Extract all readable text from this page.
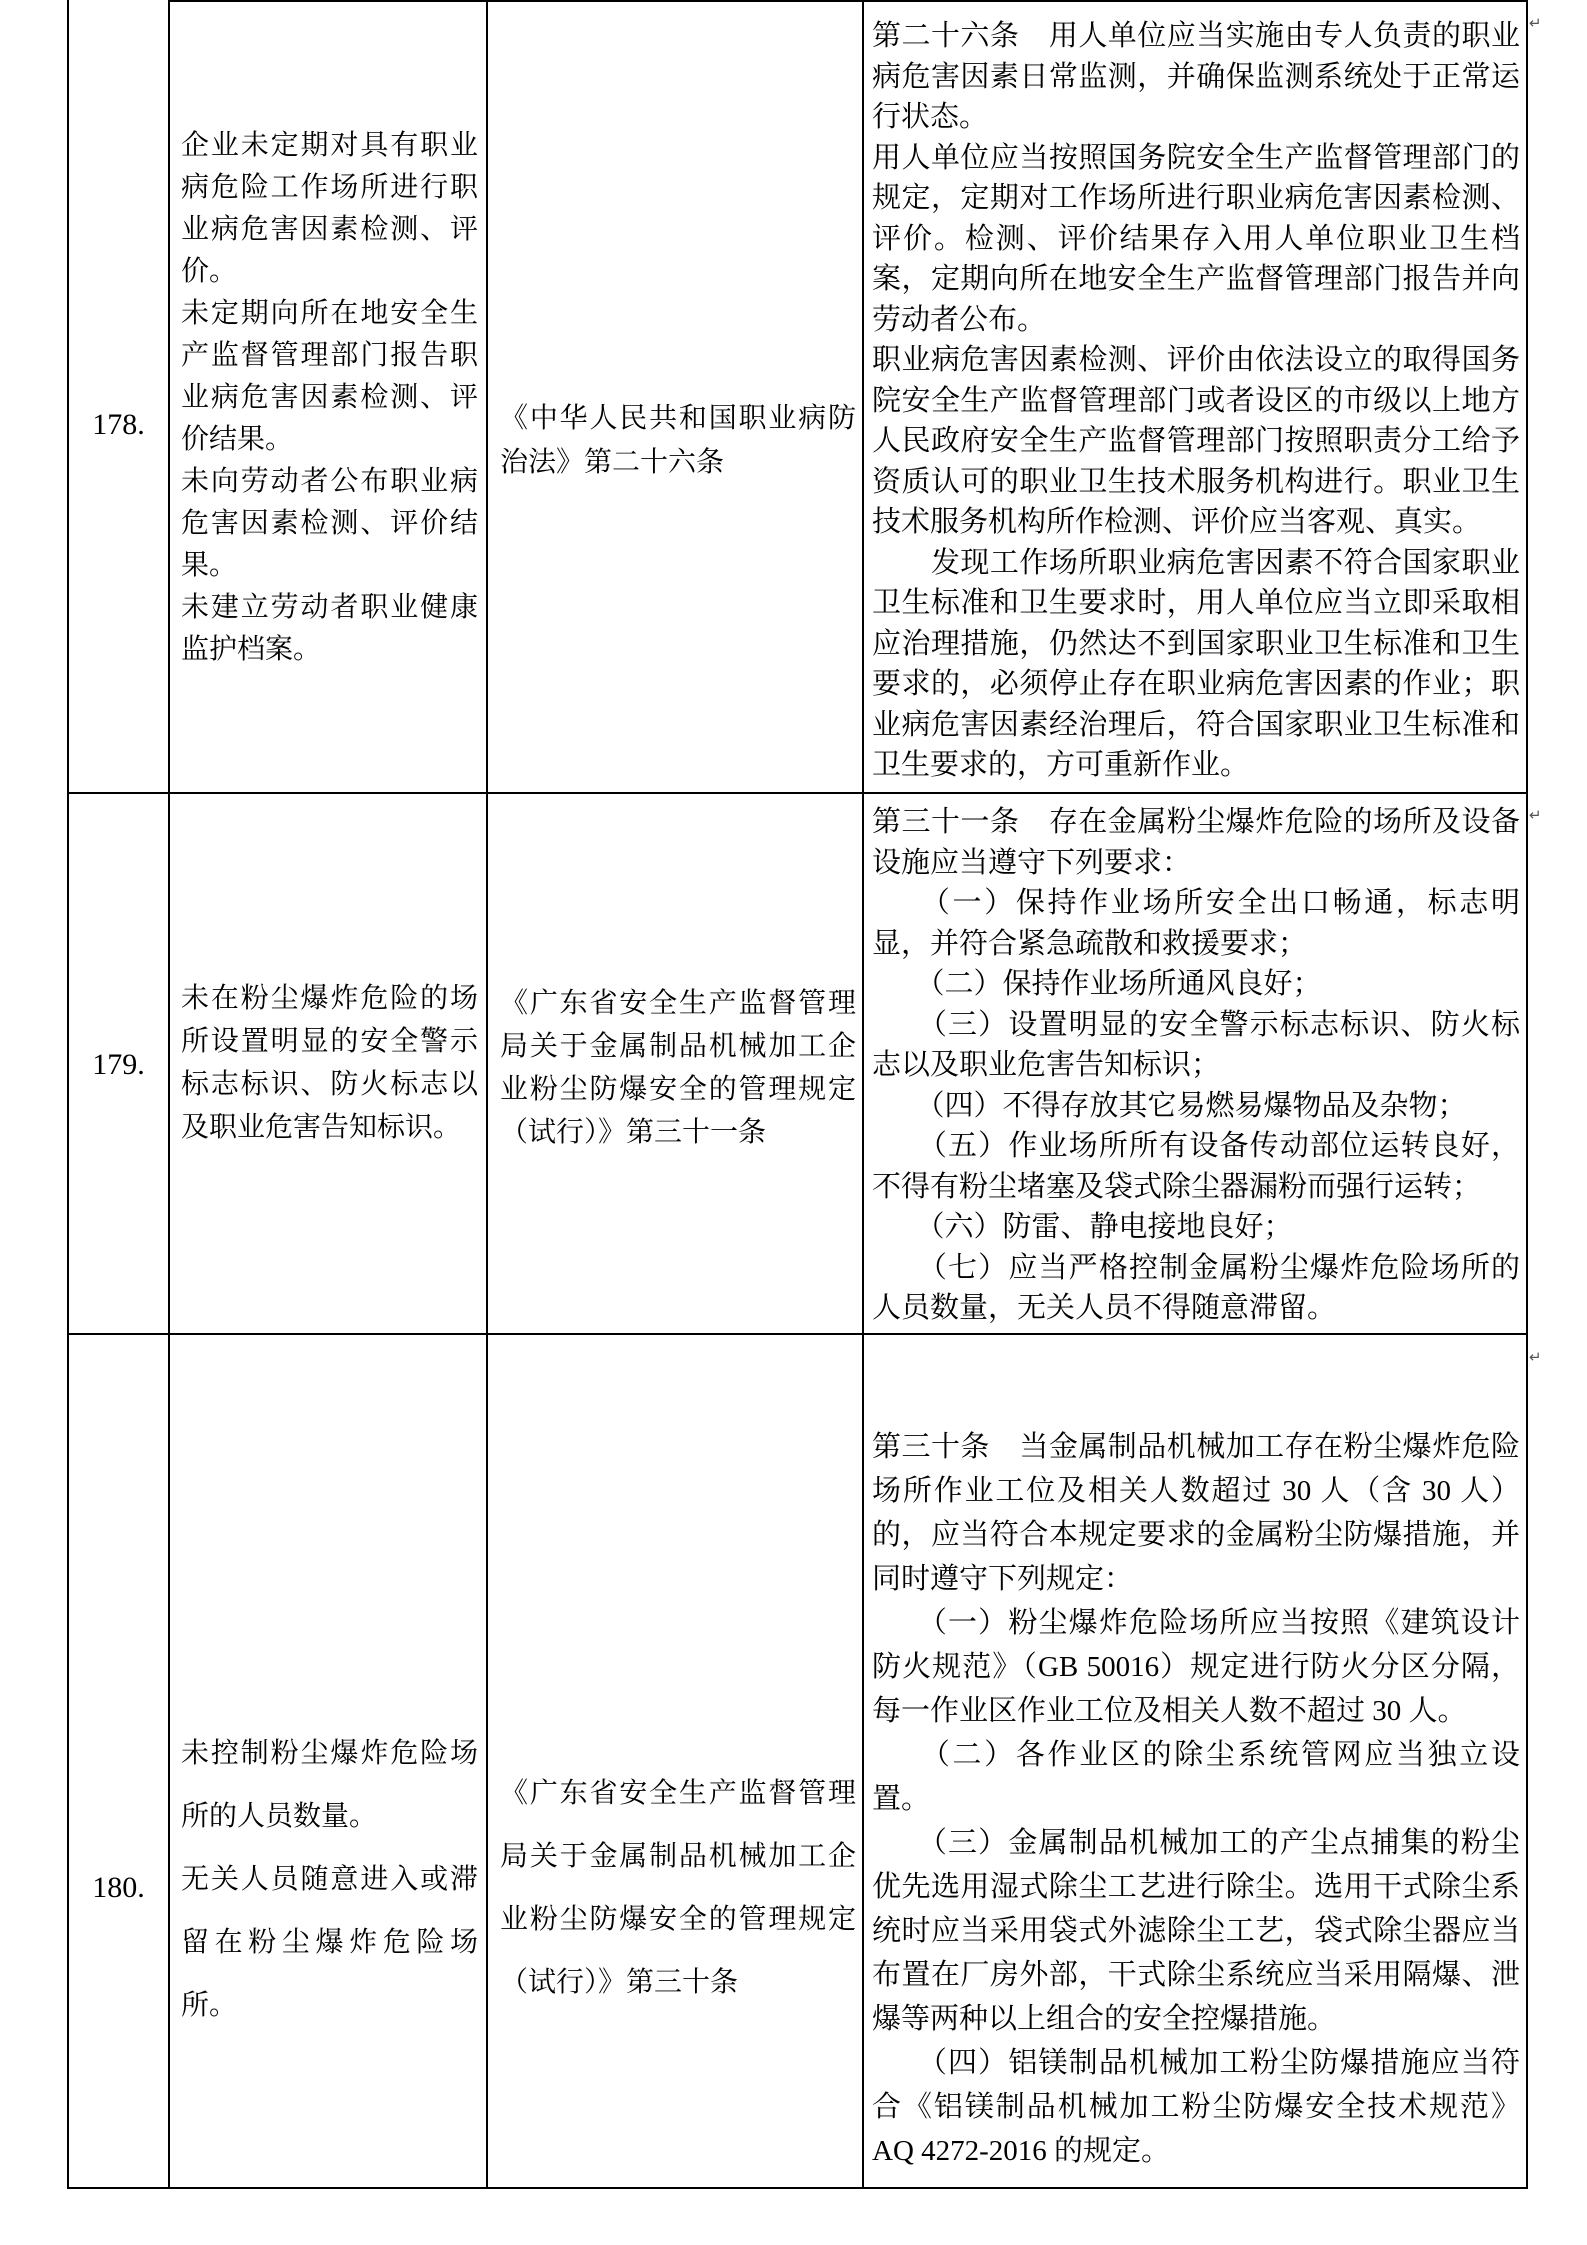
178.

企业未定期对具有职业病危险工作场所进行职业病危害因素检测、评价。

未定期向所在地安全生产监督管理部门报告职业病危害因素检测、评价结果。

未向劳动者公布职业病危害因素检测、评价结果。

未建立劳动者职业健康监护档案。

《中华人民共和国职业病防治法》第二十六条

第二十六条　用人单位应当实施由专人负责的职业病危害因素日常监测，并确保监测系统处于正常运行状态。

用人单位应当按照国务院安全生产监督管理部门的规定，定期对工作场所进行职业病危害因素检测、评价。检测、评价结果存入用人单位职业卫生档案，定期向所在地安全生产监督管理部门报告并向劳动者公布。

职业病危害因素检测、评价由依法设立的取得国务院安全生产监督管理部门或者设区的市级以上地方人民政府安全生产监督管理部门按照职责分工给予资质认可的职业卫生技术服务机构进行。职业卫生技术服务机构所作检测、评价应当客观、真实。

　　发现工作场所职业病危害因素不符合国家职业卫生标准和卫生要求时，用人单位应当立即采取相应治理措施，仍然达不到国家职业卫生标准和卫生要求的，必须停止存在职业病危害因素的作业；职业病危害因素经治理后，符合国家职业卫生标准和卫生要求的，方可重新作业。

179.

未在粉尘爆炸危险的场所设置明显的安全警示标志标识、防火标志以及职业危害告知标识。

《广东省安全生产监督管理局关于金属制品机械加工企业粉尘防爆安全的管理规定（试行）》第三十一条

第三十一条　存在金属粉尘爆炸危险的场所及设备设施应当遵守下列要求：

　　（一）保持作业场所安全出口畅通，标志明显，并符合紧急疏散和救援要求；

　　（二）保持作业场所通风良好；

　　（三）设置明显的安全警示标志标识、防火标志以及职业危害告知标识；

　　（四）不得存放其它易燃易爆物品及杂物；

　　（五）作业场所所有设备传动部位运转良好，不得有粉尘堵塞及袋式除尘器漏粉而强行运转；

　　（六）防雷、静电接地良好；

　　（七）应当严格控制金属粉尘爆炸危险场所的人员数量，无关人员不得随意滞留。

180.

未控制粉尘爆炸危险场所的人员数量。

无关人员随意进入或滞留在粉尘爆炸危险场所。

《广东省安全生产监督管理局关于金属制品机械加工企业粉尘防爆安全的管理规定（试行）》第三十条

第三十条　当金属制品机械加工存在粉尘爆炸危险场所作业工位及相关人数超过 30 人（含 30 人）的，应当符合本规定要求的金属粉尘防爆措施，并同时遵守下列规定：

　　（一）粉尘爆炸危险场所应当按照《建筑设计防火规范》（GB 50016）规定进行防火分区分隔，每一作业区作业工位及相关人数不超过 30 人。

　　（二）各作业区的除尘系统管网应当独立设置。

　　（三）金属制品机械加工的产尘点捕集的粉尘优先选用湿式除尘工艺进行除尘。选用干式除尘系统时应当采用袋式外滤除尘工艺，袋式除尘器应当布置在厂房外部，干式除尘系统应当采用隔爆、泄爆等两种以上组合的安全控爆措施。

　　（四）铝镁制品机械加工粉尘防爆措施应当符合《铝镁制品机械加工粉尘防爆安全技术规范》AQ 4272-2016 的规定。

↵
↵
↵
